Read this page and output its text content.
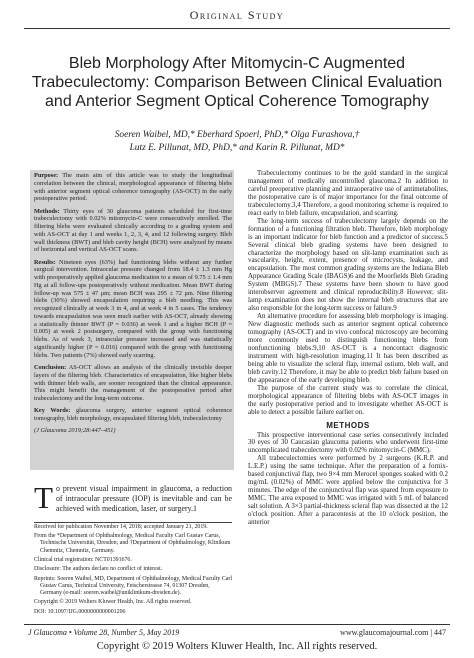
Original Study
Bleb Morphology After Mitomycin-C Augmented Trabeculectomy: Comparison Between Clinical Evaluation and Anterior Segment Optical Coherence Tomography
Soeren Waibel, MD,* Eberhard Spoerl, PhD,* Olga Furashova,†
Lutz E. Pillunat, MD, PhD,* and Karin R. Pillunat, MD*

Purpose: The main aim of this article was to study the longitudinal correlation between the clinical, morphological appearance of filtering blebs with anterior segment optical coherence tomography (AS-OCT) in the early postoperative period.

Methods: Thirty eyes of 30 glaucoma patients scheduled for first-time trabeculectomy with 0.02% mitomycin-C were consecutively enrolled. The filtering blebs were evaluated clinically according to a grading system and with AS-OCT at day 1 and weeks 1, 2, 3, 4, and 12 following surgery. Bleb wall thickness (BWT) and bleb cavity height (BCH) were analyzed by means of horizontal and vertical AS-OCT scans.

Results: Nineteen eyes (63%) had functioning blebs without any further surgical intervention. Intraocular pressure changed from 18.4 ± 1.3 mm Hg with preoperatively applied glaucoma medication to a mean of 9.75 ± 1.4 mm Hg at all follow-ups postoperatively without medication. Mean BWT during follow-up was 575 ± 47 μm; mean BCH was 295 ± 72 μm. Nine filtering blebs (30%) showed encapsulation requiring a bleb needling. This was recognized clinically at week 3 in 4, and at week 4 in 5 cases. The tendency towards encapsulation was seen much earlier with AS-OCT, already showing a statistically thinner BWT (P = 0.036) at week 1 and a higher BCH (P = 0.005) at week 2 postsurgery, compared with the group with functioning blebs. As of week 3, intraocular pressure increased and was statistically significantly higher (P = 0.016) compared with the group with functioning blebs. Two patients (7%) showed early scarring.

Conclusion: AS-OCT allows an analysis of the clinically invisible deeper layers of the filtering bleb. Characteristics of encapsulation, like higher blebs with thinner bleb walls, are sooner recognized than the clinical appearance. This might benefit the management of the postoperative period after trabeculectomy and the long-term outcome.

Key Words: glaucoma surgery, anterior segment optical coherence tomography, bleb morphology, encapsulated filtering bleb, trabeculectomy

(J Glaucoma 2019;28:447–451)

To prevent visual impairment in glaucoma, a reduction of intraocular pressure (IOP) is inevitable and can be achieved with medication, laser, or surgery.1

Received for publication November 14, 2018; accepted January 21, 2019.

From the *Department of Ophthalmology, Medical Faculty Carl Gustav Carus, Technische Universität, Dresden; and †Department of Ophthalmology, Klinikum Chemnitz, Chemnitz, Germany.

Clinical trial registration: NCT01391676.

Disclosure: The authors declare no conflict of interest.

Reprints: Soeren Waibel, MD, Department of Ophthalmology, Medical Faculty Carl Gustav Carus, Technical University, Fetscherstrasse 74, 01307 Dresden, Germany (e-mail: soeren.waibel@uniklinikum-dresden.de).

Copyright © 2019 Wolters Kluwer Health, Inc. All rights reserved.

DOI: 10.1097/IJG.0000000000001206

Trabeculectomy continues to be the gold standard in the surgical management of medically uncontrolled glaucoma.2 In addition to careful preoperative planning and intraoperative use of antimetabolites, the postoperative care is of major importance for the final outcome of trabeculectomy.3,4 Therefore, a good monitoring scheme is required to react early to bleb failure, encapsulation, and scarring.

The long-term success of trabeculectomy largely depends on the formation of a functioning filtration bleb. Therefore, bleb morphology is an important indicator for bleb function and a predictor of success.5 Several clinical bleb grading systems have been designed to characterize the morphology based on slit-lamp examination such as vascularity, height, extent, presence of microcysts, leakage, and encapsulation. The most common grading systems are the Indiana Bleb Appearance Grading Scale (IBAGS)6 and the Moorfields Bleb Grading System (MBGS).7 These systems have been shown to have good interobserver agreement and clinical reproducibility.8 However, slit-lamp examination does not show the internal bleb structures that are also responsible for the long-term success or failure.9

An alternative procedure for assessing bleb morphology is imaging. New diagnostic methods such as anterior segment optical coherence tomography (AS-OCT) and in vivo confocal microscopy are becoming more commonly used to distinguish functioning blebs from nonfunctioning blebs.9,10 AS-OCT is a noncontact diagnostic instrument with high-resolution imaging.11 It has been described as being able to visualize the scleral flap, internal ostium, bleb wall, and bleb cavity.12 Therefore, it may be able to predict bleb failure based on the appearance of the early developing bleb.

The purpose of the current study was to correlate the clinical, morphological appearance of filtering blebs with AS-OCT images in the early postoperative period and to investigate whether AS-OCT is able to detect a possible failure earlier on.

METHODS

This prospective interventional case series consecutively included 30 eyes of 30 Caucasian glaucoma patients who underwent first-time uncomplicated trabeculectomy with 0.02% mitomycin-C (MMC).

All trabeculectomies were performed by 2 surgeons (K.R.P. and L.E.P.) using the same technique. After the preparation of a fornix-based conjunctival flap, two 9×4 mm Merocel sponges soaked with 0.2 mg/mL (0.02%) of MMC were applied below the conjunctiva for 3 minutes. The edge of the conjunctival flap was spared from exposure to MMC. The area exposed to MMC was irrigated with 5 mL of balanced salt solution. A 3×3 partial-thickness scleral flap was dissected at the 12 o'clock position. After a paracentesis at the 10 o'clock position, the anterior

J Glaucoma • Volume 28, Number 5, May 2019	www.glaucomajournal.com | 447
Copyright © 2019 Wolters Kluwer Health, Inc. All rights reserved.
